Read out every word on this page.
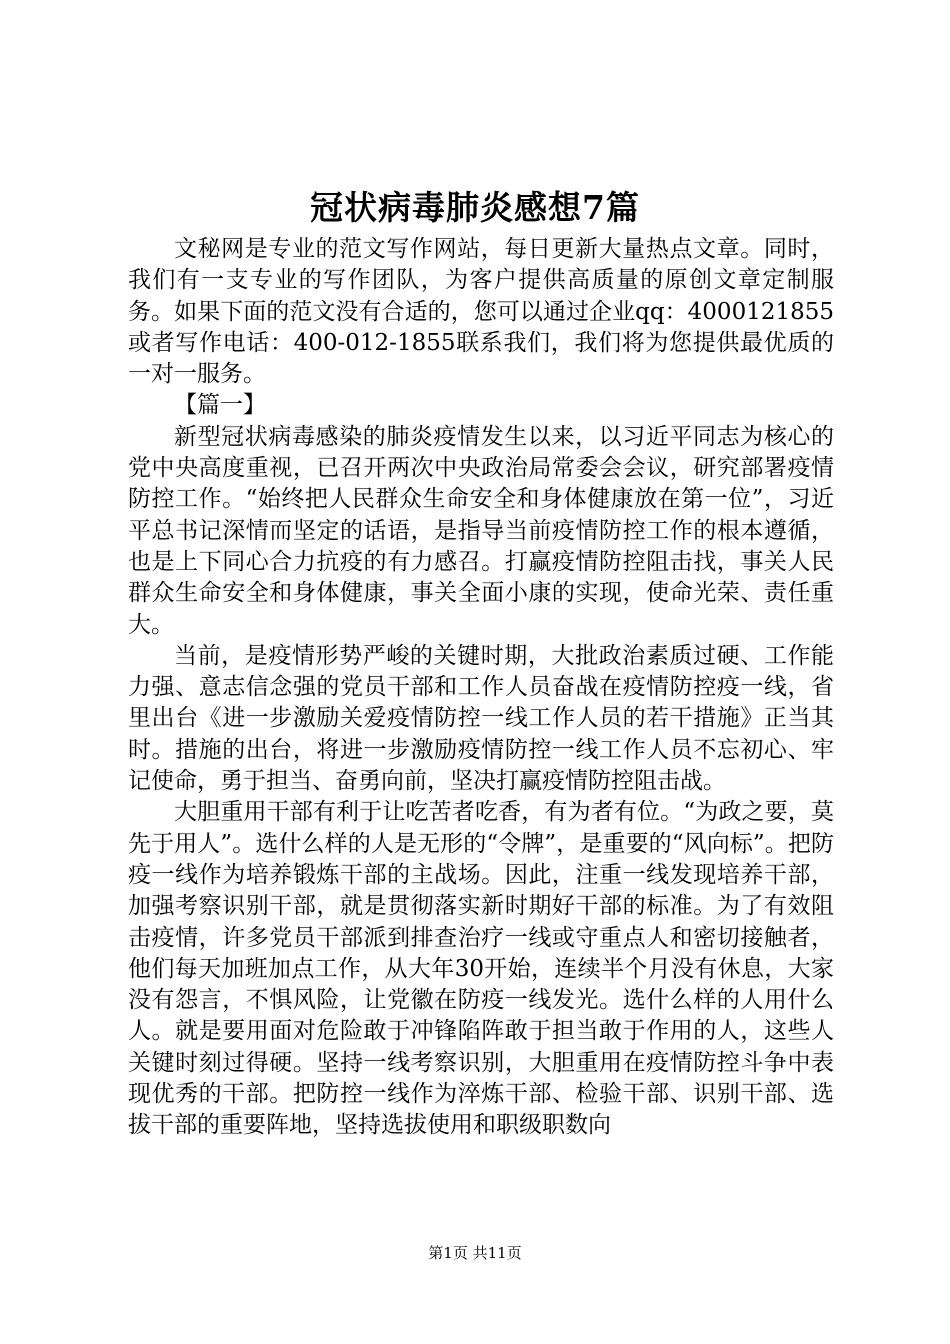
冠状病毒肺炎感想7篇

文秘网是专业的范文写作网站，每日更新大量热点文章。同时，我们有一支专业的写作团队，为客户提供高质量的原创文章定制服务。如果下面的范文没有合适的，您可以通过企业qq：4000121855或者写作电话：400-012-1855联系我们，我们将为您提供最优质的一对一服务。

【篇一】

新型冠状病毒感染的肺炎疫情发生以来，以习近平同志为核心的党中央高度重视，已召开两次中央政治局常委会会议，研究部署疫情防控工作。“始终把人民群众生命安全和身体健康放在第一位”，习近平总书记深情而坚定的话语，是指导当前疫情防控工作的根本遵循，也是上下同心合力抗疫的有力感召。打赢疫情防控阻击找，事关人民群众生命安全和身体健康，事关全面小康的实现，使命光荣、责任重大。

当前，是疫情形势严峻的关键时期，大批政治素质过硬、工作能力强、意志信念强的党员干部和工作人员奋战在疫情防控疫一线，省里出台《进一步激励关爱疫情防控一线工作人员的若干措施》正当其时。措施的出台，将进一步激励疫情防控一线工作人员不忘初心、牢记使命，勇于担当、奋勇向前，坚决打赢疫情防控阻击战。

大胆重用干部有利于让吃苦者吃香，有为者有位。“为政之要，莫先于用人”。选什么样的人是无形的“令牌”，是重要的“风向标”。把防疫一线作为培养锻炼干部的主战场。因此，注重一线发现培养干部，加强考察识别干部，就是贯彻落实新时期好干部的标准。为了有效阻击疫情，许多党员干部派到排查治疗一线或守重点人和密切接触者，他们每天加班加点工作，从大年30开始，连续半个月没有休息，大家没有怨言，不惧风险，让党徽在防疫一线发光。选什么样的人用什么人。就是要用面对危险敢于冲锋陷阵敢于担当敢于作用的人，这些人关键时刻过得硬。坚持一线考察识别，大胆重用在疫情防控斗争中表现优秀的干部。把防控一线作为淬炼干部、检验干部、识别干部、选拔干部的重要阵地，坚持选拔使用和职级职数向

第1页 共11页
